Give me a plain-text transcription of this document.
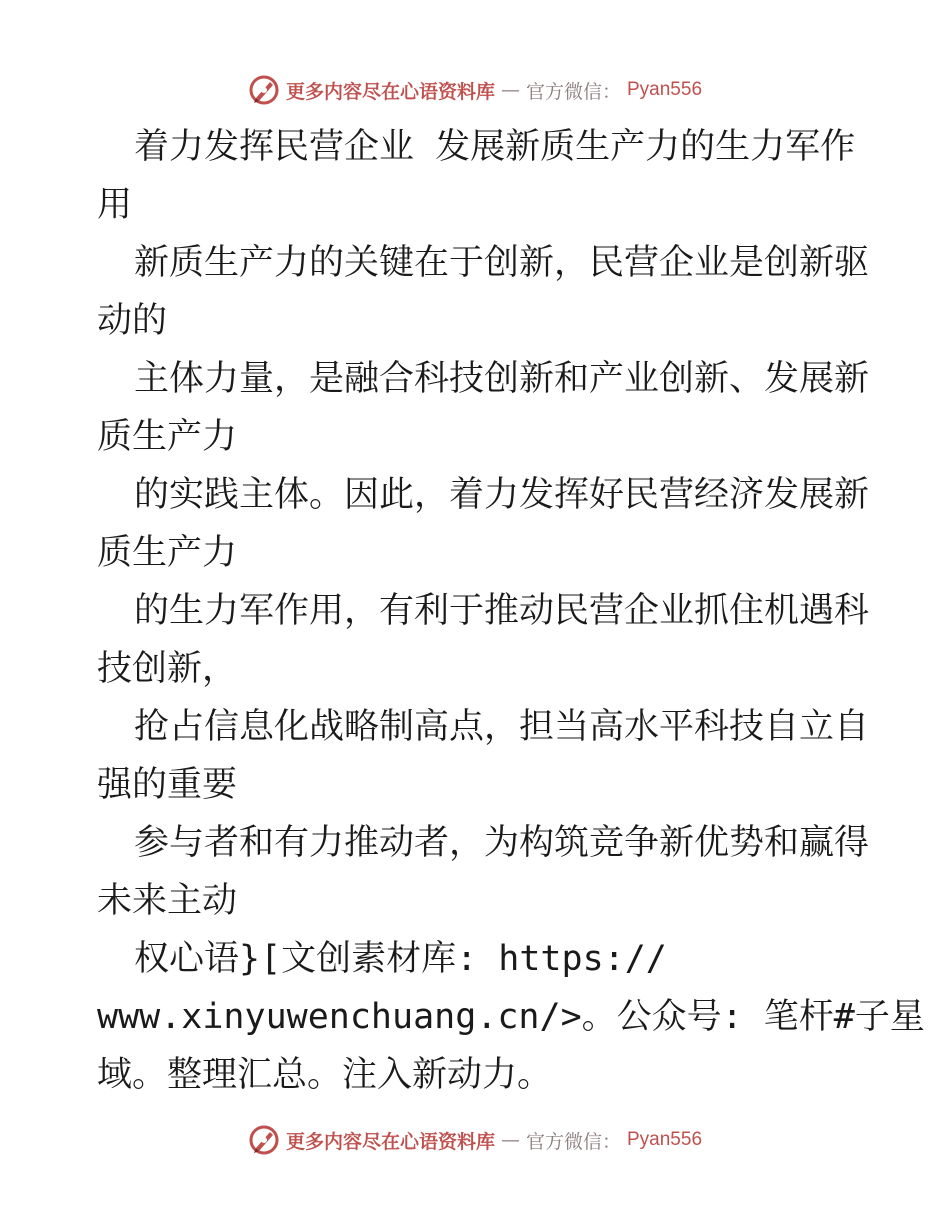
更多内容尽在心语资料库 — 官方微信： Pyan556
着力发挥民营企业 发展新质生产力的生力军作
用
新质生产力的关键在于创新，民营企业是创新驱
动的
主体力量，是融合科技创新和产业创新、发展新
质生产力
的实践主体。因此，着力发挥好民营经济发展新
质生产力
的生力军作用，有利于推动民营企业抓住机遇科
技创新，
抢占信息化战略制高点，担当高水平科技自立自
强的重要
参与者和有力推动者，为构筑竞争新优势和赢得
未来主动
权心语}[文创素材库: https://
www.xinyuwenchuang.cn/>。公众号: 笔杆#子星
域。整理汇总。注入新动力。
更多内容尽在心语资料库 — 官方微信： Pyan556
